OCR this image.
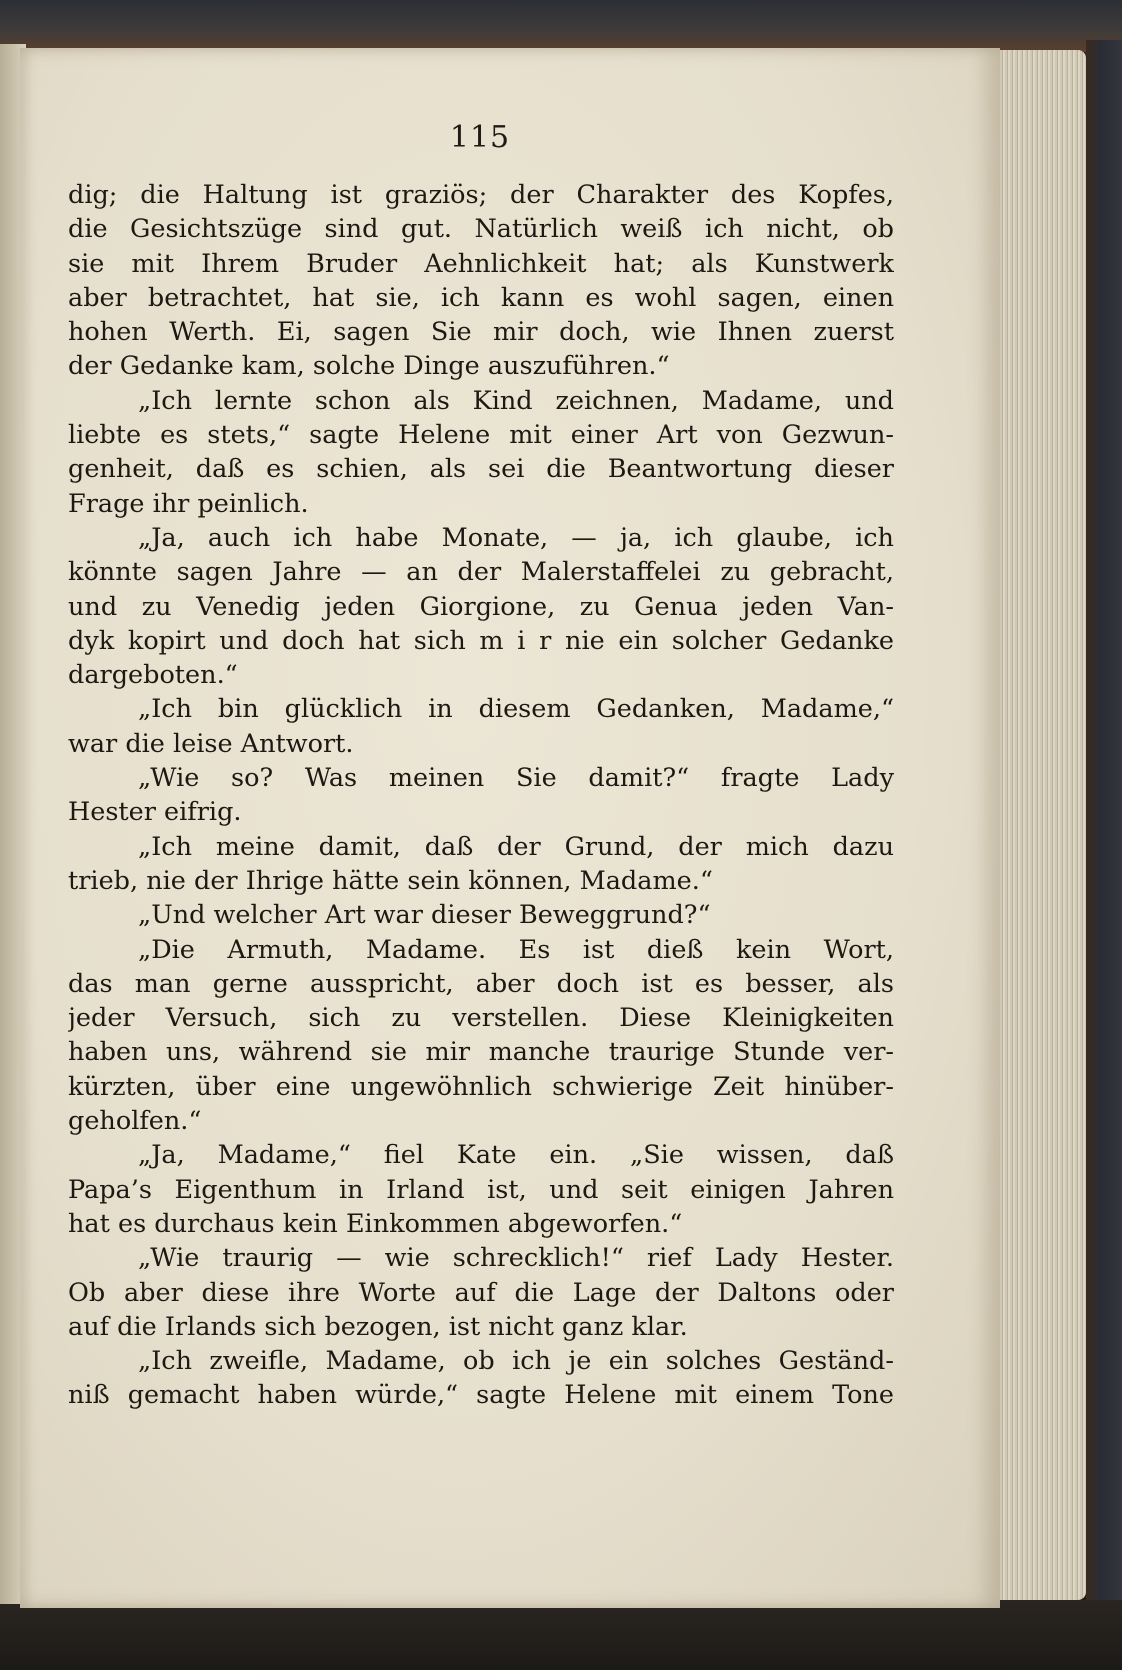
115
dig; die Haltung ist graziös; der Charakter des Kopfes,
die Gesichtszüge sind gut. Natürlich weiß ich nicht, ob
sie mit Ihrem Bruder Aehnlichkeit hat; als Kunstwerk
aber betrachtet, hat sie, ich kann es wohl sagen, einen
hohen Werth. Ei, sagen Sie mir doch, wie Ihnen zuerst
der Gedanke kam, solche Dinge auszuführen.“
„Ich lernte schon als Kind zeichnen, Madame, und
liebte es stets,“ sagte Helene mit einer Art von Gezwun-
genheit, daß es schien, als sei die Beantwortung dieser
Frage ihr peinlich.
„Ja, auch ich habe Monate, — ja, ich glaube, ich
könnte sagen Jahre — an der Malerstaffelei zu gebracht,
und zu Venedig jeden Giorgione, zu Genua jeden Van-
dyk kopirt und doch hat sich m i r nie ein solcher Gedanke
dargeboten.“
„Ich bin glücklich in diesem Gedanken, Madame,“
war die leise Antwort.
„Wie so? Was meinen Sie damit?“ fragte Lady
Hester eifrig.
„Ich meine damit, daß der Grund, der mich dazu
trieb, nie der Ihrige hätte sein können, Madame.“
„Und welcher Art war dieser Beweggrund?“
„Die Armuth, Madame. Es ist dieß kein Wort,
das man gerne ausspricht, aber doch ist es besser, als
jeder Versuch, sich zu verstellen. Diese Kleinigkeiten
haben uns, während sie mir manche traurige Stunde ver-
kürzten, über eine ungewöhnlich schwierige Zeit hinüber-
geholfen.“
„Ja, Madame,“ fiel Kate ein. „Sie wissen, daß
Papa’s Eigenthum in Irland ist, und seit einigen Jahren
hat es durchaus kein Einkommen abgeworfen.“
„Wie traurig — wie schrecklich!“ rief Lady Hester.
Ob aber diese ihre Worte auf die Lage der Daltons oder
auf die Irlands sich bezogen, ist nicht ganz klar.
„Ich zweifle, Madame, ob ich je ein solches Geständ-
niß gemacht haben würde,“ sagte Helene mit einem Tone
